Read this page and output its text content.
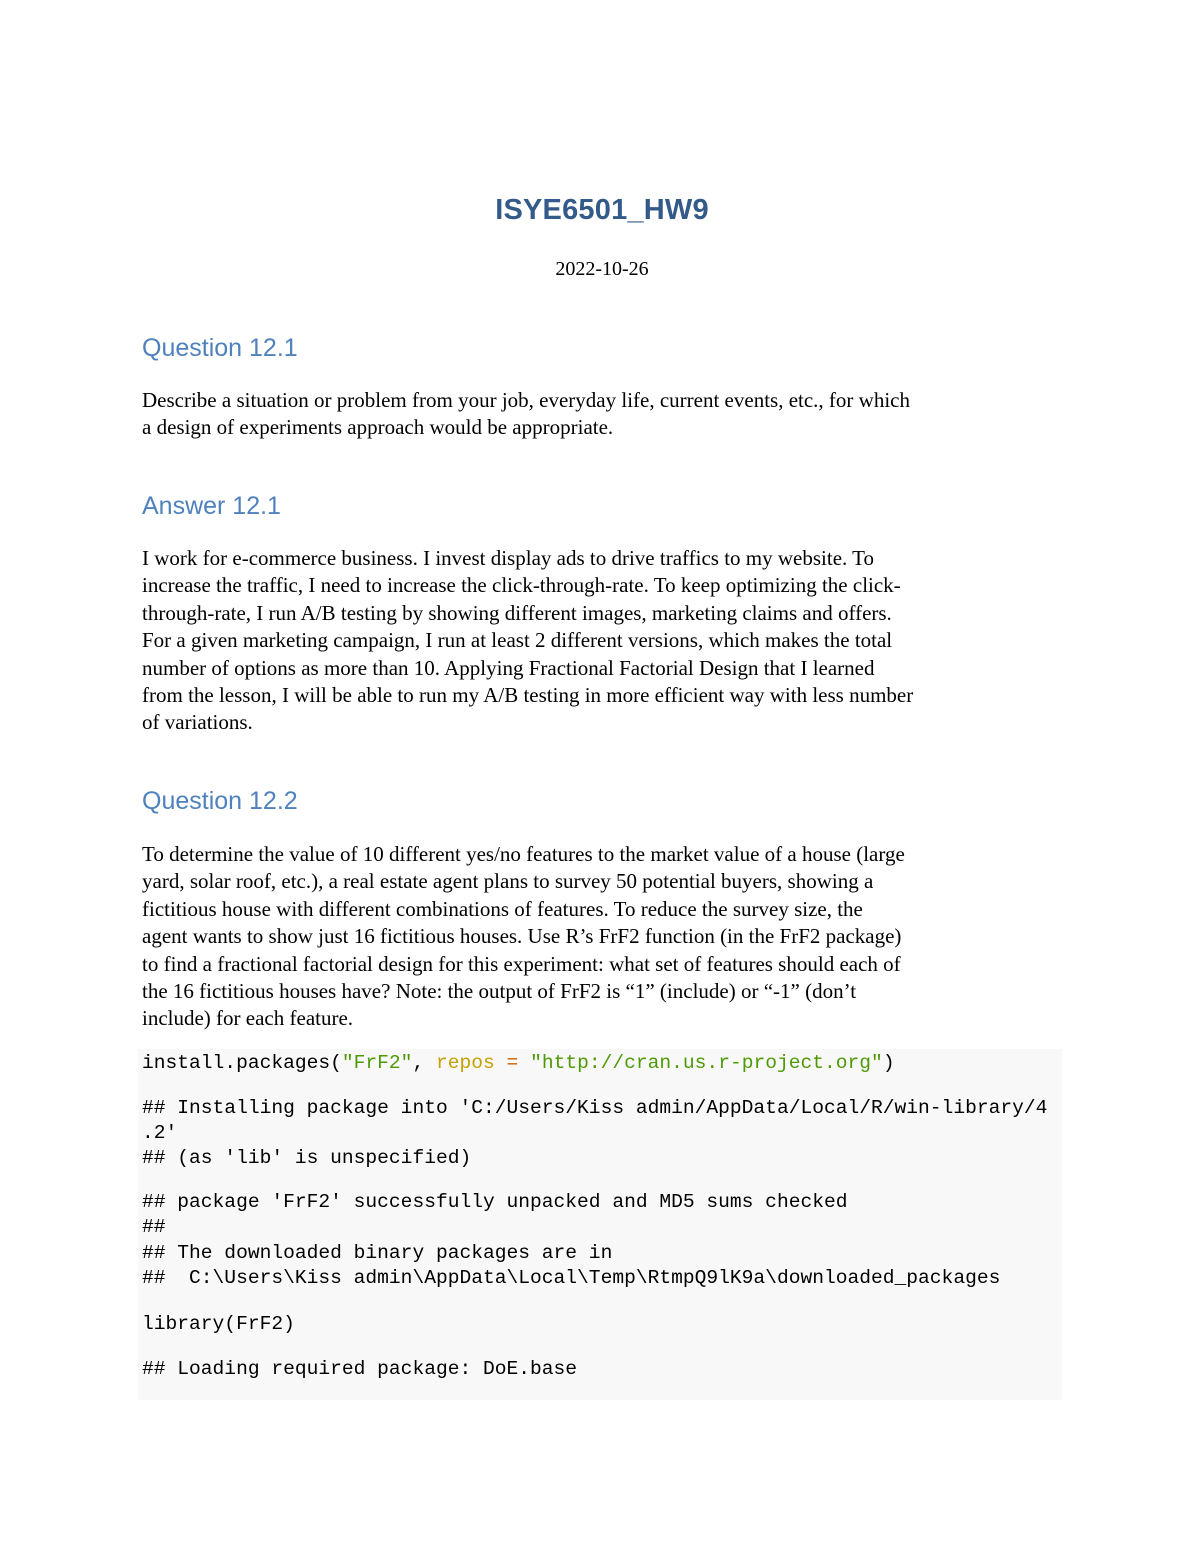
ISYE6501_HW9
2022-10-26
Question 12.1
Describe a situation or problem from your job, everyday life, current events, etc., for which
a design of experiments approach would be appropriate.
Answer 12.1
I work for e-commerce business. I invest display ads to drive traffics to my website. To
increase the traffic, I need to increase the click-through-rate. To keep optimizing the click-
through-rate, I run A/B testing by showing different images, marketing claims and offers.
For a given marketing campaign, I run at least 2 different versions, which makes the total
number of options as more than 10. Applying Fractional Factorial Design that I learned
from the lesson, I will be able to run my A/B testing in more efficient way with less number
of variations.
Question 12.2
To determine the value of 10 different yes/no features to the market value of a house (large
yard, solar roof, etc.), a real estate agent plans to survey 50 potential buyers, showing a
fictitious house with different combinations of features. To reduce the survey size, the
agent wants to show just 16 fictitious houses. Use R’s FrF2 function (in the FrF2 package)
to find a fractional factorial design for this experiment: what set of features should each of
the 16 fictitious houses have? Note: the output of FrF2 is “1” (include) or “-1” (don’t
include) for each feature.
install.packages("FrF2", repos = "http://cran.us.r-project.org")
## Installing package into 'C:/Users/Kiss admin/AppData/Local/R/win-library/4
.2'
## (as 'lib' is unspecified)
## package 'FrF2' successfully unpacked and MD5 sums checked
##
## The downloaded binary packages are in
##  C:\Users\Kiss admin\AppData\Local\Temp\RtmpQ9lK9a\downloaded_packages
library(FrF2)
## Loading required package: DoE.base
